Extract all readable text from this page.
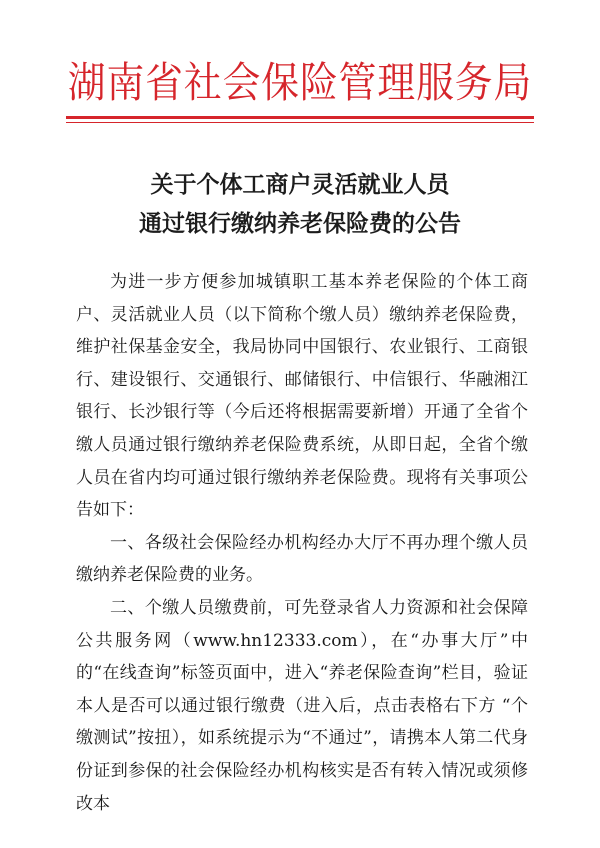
湖南省社会保险管理服务局
关于个体工商户灵活就业人员
通过银行缴纳养老保险费的公告

为进一步方便参加城镇职工基本养老保险的个体工商户、灵活就业人员（以下简称个缴人员）缴纳养老保险费，维护社保基金安全，我局协同中国银行、农业银行、工商银行、建设银行、交通银行、邮储银行、中信银行、华融湘江银行、长沙银行等（今后还将根据需要新增）开通了全省个缴人员通过银行缴纳养老保险费系统，从即日起，全省个缴人员在省内均可通过银行缴纳养老保险费。现将有关事项公告如下：

一、各级社会保险经办机构经办大厅不再办理个缴人员缴纳养老保险费的业务。

二、个缴人员缴费前，可先登录省人力资源和社会保障公共服务网（www.hn12333.com），在“办事大厅”中的“在线查询”标签页面中，进入“养老保险查询”栏目，验证本人是否可以通过银行缴费（进入后，点击表格右下方 “个缴测试”按扭），如系统提示为“不通过”，请携本人第二代身份证到参保的社会保险经办机构核实是否有转入情况或须修改本
